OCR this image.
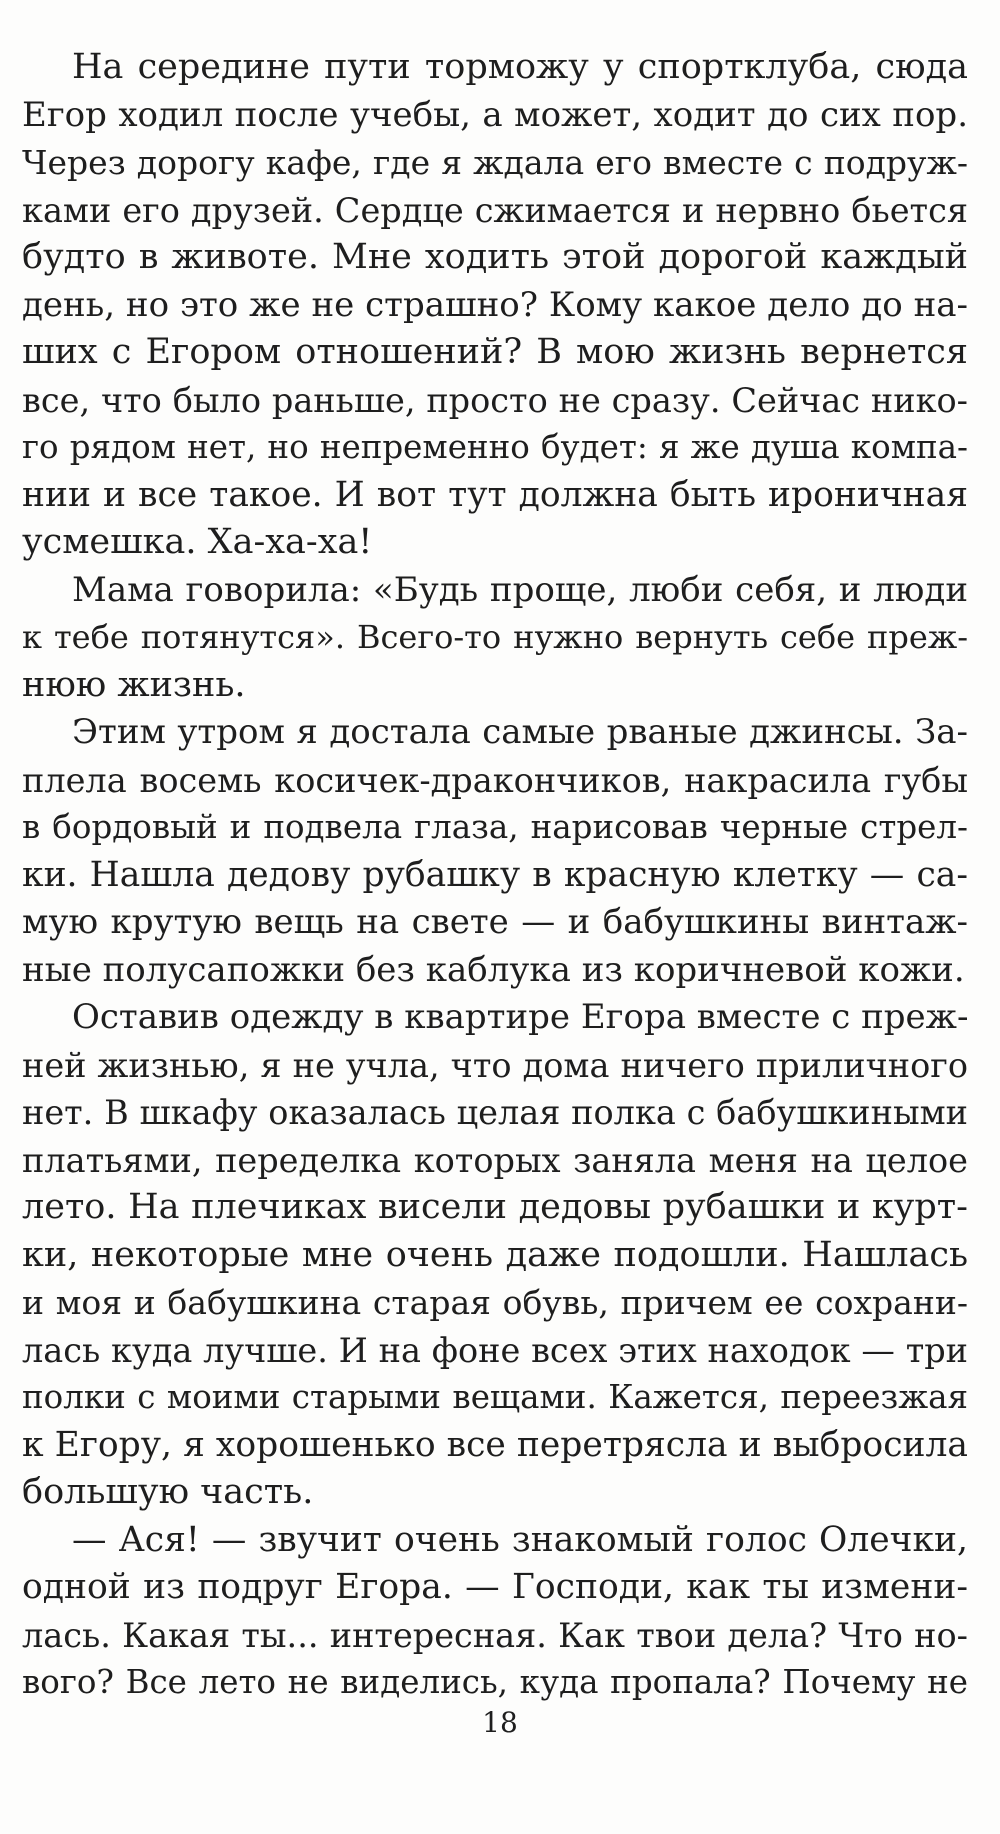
На середине пути торможу у спортклуба, сюда
Егор ходил после учебы, а может, ходит до сих пор.
Через дорогу кафе, где я ждала его вместе с подруж-
ками его друзей. Сердце сжимается и нервно бьется
будто в животе. Мне ходить этой дорогой каждый
день, но это же не страшно? Кому какое дело до на-
ших с Егором отношений? В мою жизнь вернется
все, что было раньше, просто не сразу. Сейчас нико-
го рядом нет, но непременно будет: я же душа компа-
нии и все такое. И вот тут должна быть ироничная
усмешка. Ха-ха-ха!
Мама говорила: «Будь проще, люби себя, и люди
к тебе потянутся». Всего-то нужно вернуть себе преж-
нюю жизнь.
Этим утром я достала самые рваные джинсы. За-
плела восемь косичек-дракончиков, накрасила губы
в бордовый и подвела глаза, нарисовав черные стрел-
ки. Нашла дедову рубашку в красную клетку — са-
мую крутую вещь на свете — и бабушкины винтаж-
ные полусапожки без каблука из коричневой кожи.
Оставив одежду в квартире Егора вместе с преж-
ней жизнью, я не учла, что дома ничего приличного
нет. В шкафу оказалась целая полка с бабушкиными
платьями, переделка которых заняла меня на целое
лето. На плечиках висели дедовы рубашки и курт-
ки, некоторые мне очень даже подошли. Нашлась
и моя и бабушкина старая обувь, причем ее сохрани-
лась куда лучше. И на фоне всех этих находок — три
полки с моими старыми вещами. Кажется, переезжая
к Егору, я хорошенько все перетрясла и выбросила
большую часть.
— Ася! — звучит очень знакомый голос Олечки,
одной из подруг Егора. — Господи, как ты измени-
лась. Какая ты... интересная. Как твои дела? Что но-
вого? Все лето не виделись, куда пропала? Почему не
18
